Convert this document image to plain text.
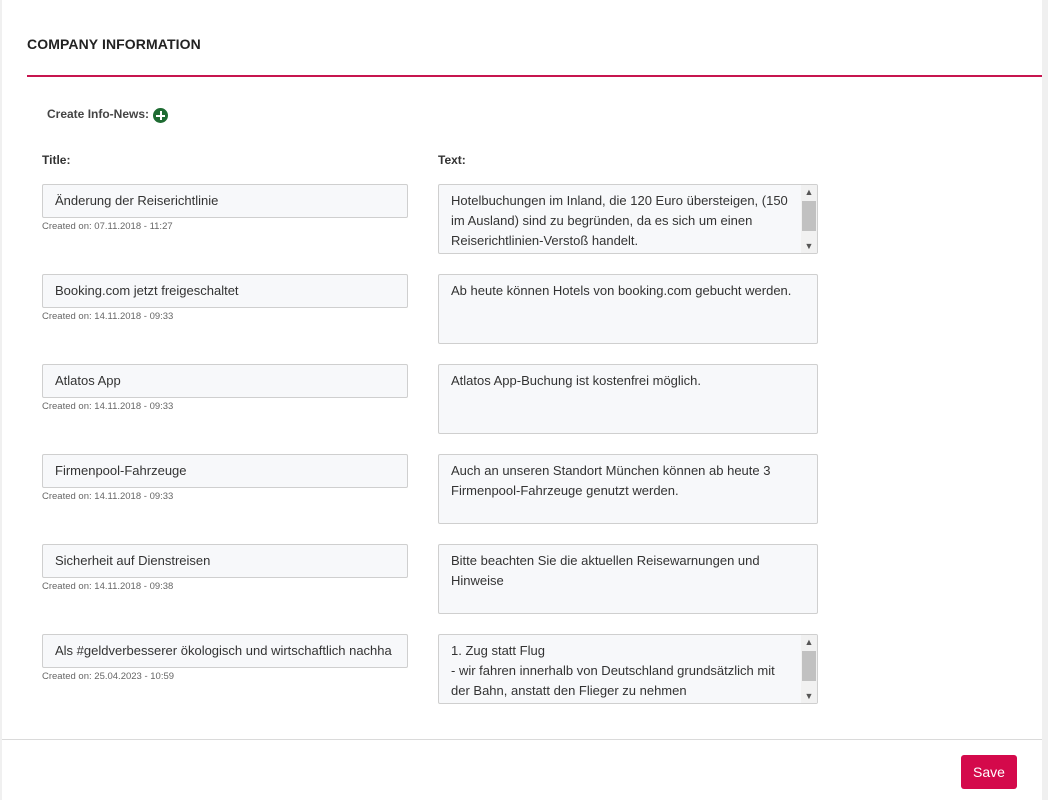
COMPANY INFORMATION
Create Info-News:
Title:	Text:
Änderung der Reiserichtlinie
Created on: 07.11.2018 - 11:27
Hotelbuchungen im Inland, die 120 Euro übersteigen, (150 im Ausland) sind zu begründen, da es sich um einen Reiserichtlinien-Verstoß handelt.
▲
▼
Booking.com jetzt freigeschaltet
Created on: 14.11.2018 - 09:33
Ab heute können Hotels von booking.com gebucht werden.
Atlatos App
Created on: 14.11.2018 - 09:33
Atlatos App-Buchung ist kostenfrei möglich.
Firmenpool-Fahrzeuge
Created on: 14.11.2018 - 09:33
Auch an unseren Standort München können ab heute 3 Firmenpool-Fahrzeuge genutzt werden.
Sicherheit auf Dienstreisen
Created on: 14.11.2018 - 09:38
Bitte beachten Sie die aktuellen Reisewarnungen und Hinweise
Als #geldverbesserer ökologisch und wirtschaftlich nachha
Created on: 25.04.2023 - 10:59
1. Zug statt Flug
- wir fahren innerhalb von Deutschland grundsätzlich mit der Bahn, anstatt den Flieger zu nehmen
▲
▼
Save
